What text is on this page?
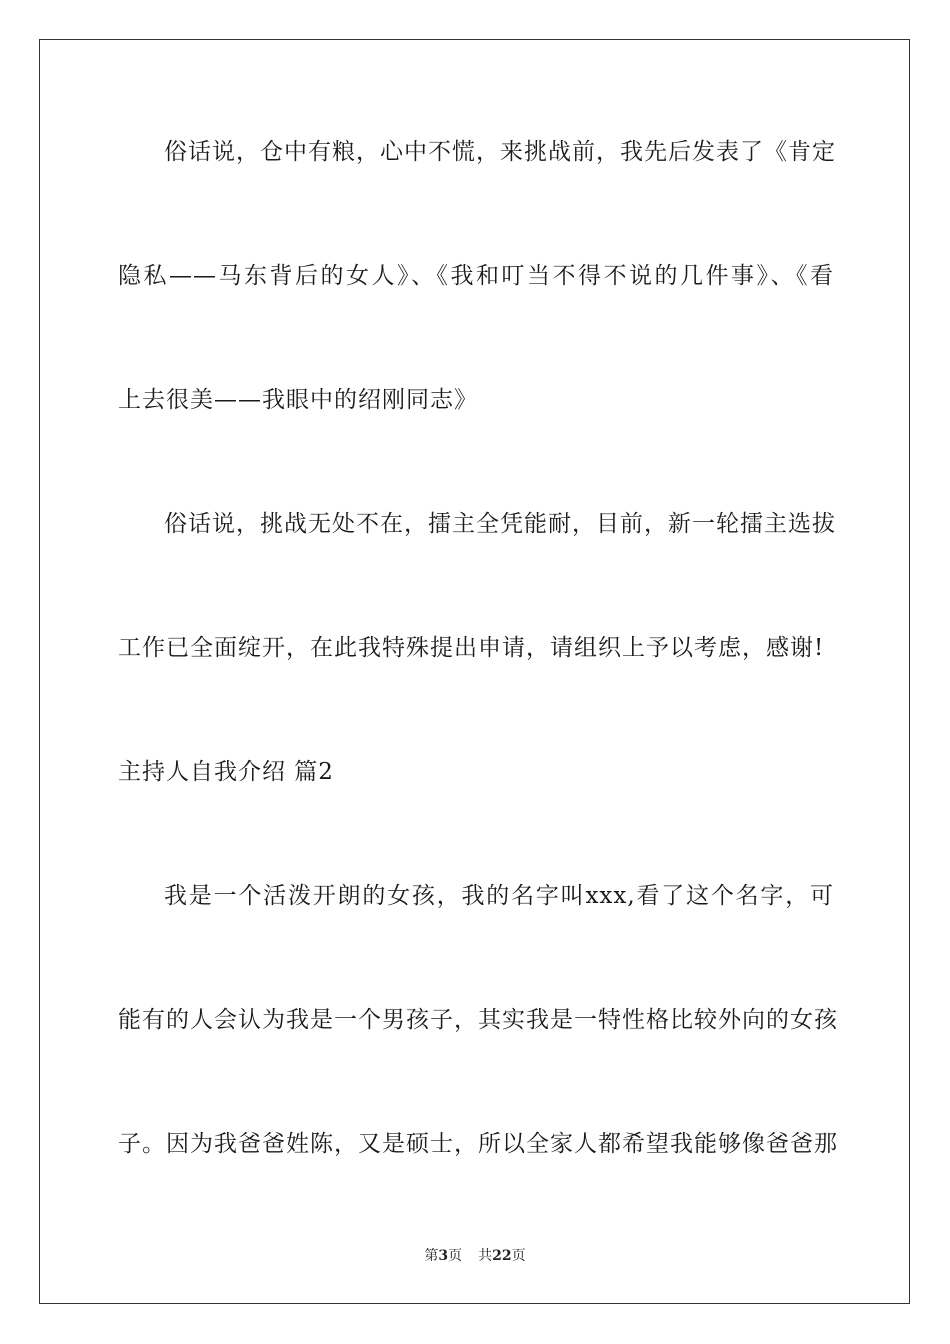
俗话说，仓中有粮，心中不慌，来挑战前，我先后发表了《肯定
隐私——马东背后的女人》、《我和叮当不得不说的几件事》、《看
上去很美——我眼中的绍刚同志》
俗话说，挑战无处不在，擂主全凭能耐，目前，新一轮擂主选拔
工作已全面绽开，在此我特殊提出申请，请组织上予以考虑，感谢!
主持人自我介绍 篇2
我是一个活泼开朗的女孩，我的名字叫xxx,看了这个名字，可
能有的人会认为我是一个男孩子，其实我是一特性格比较外向的女孩
子。因为我爸爸姓陈，又是硕士，所以全家人都希望我能够像爸爸那
第3页 共22页
